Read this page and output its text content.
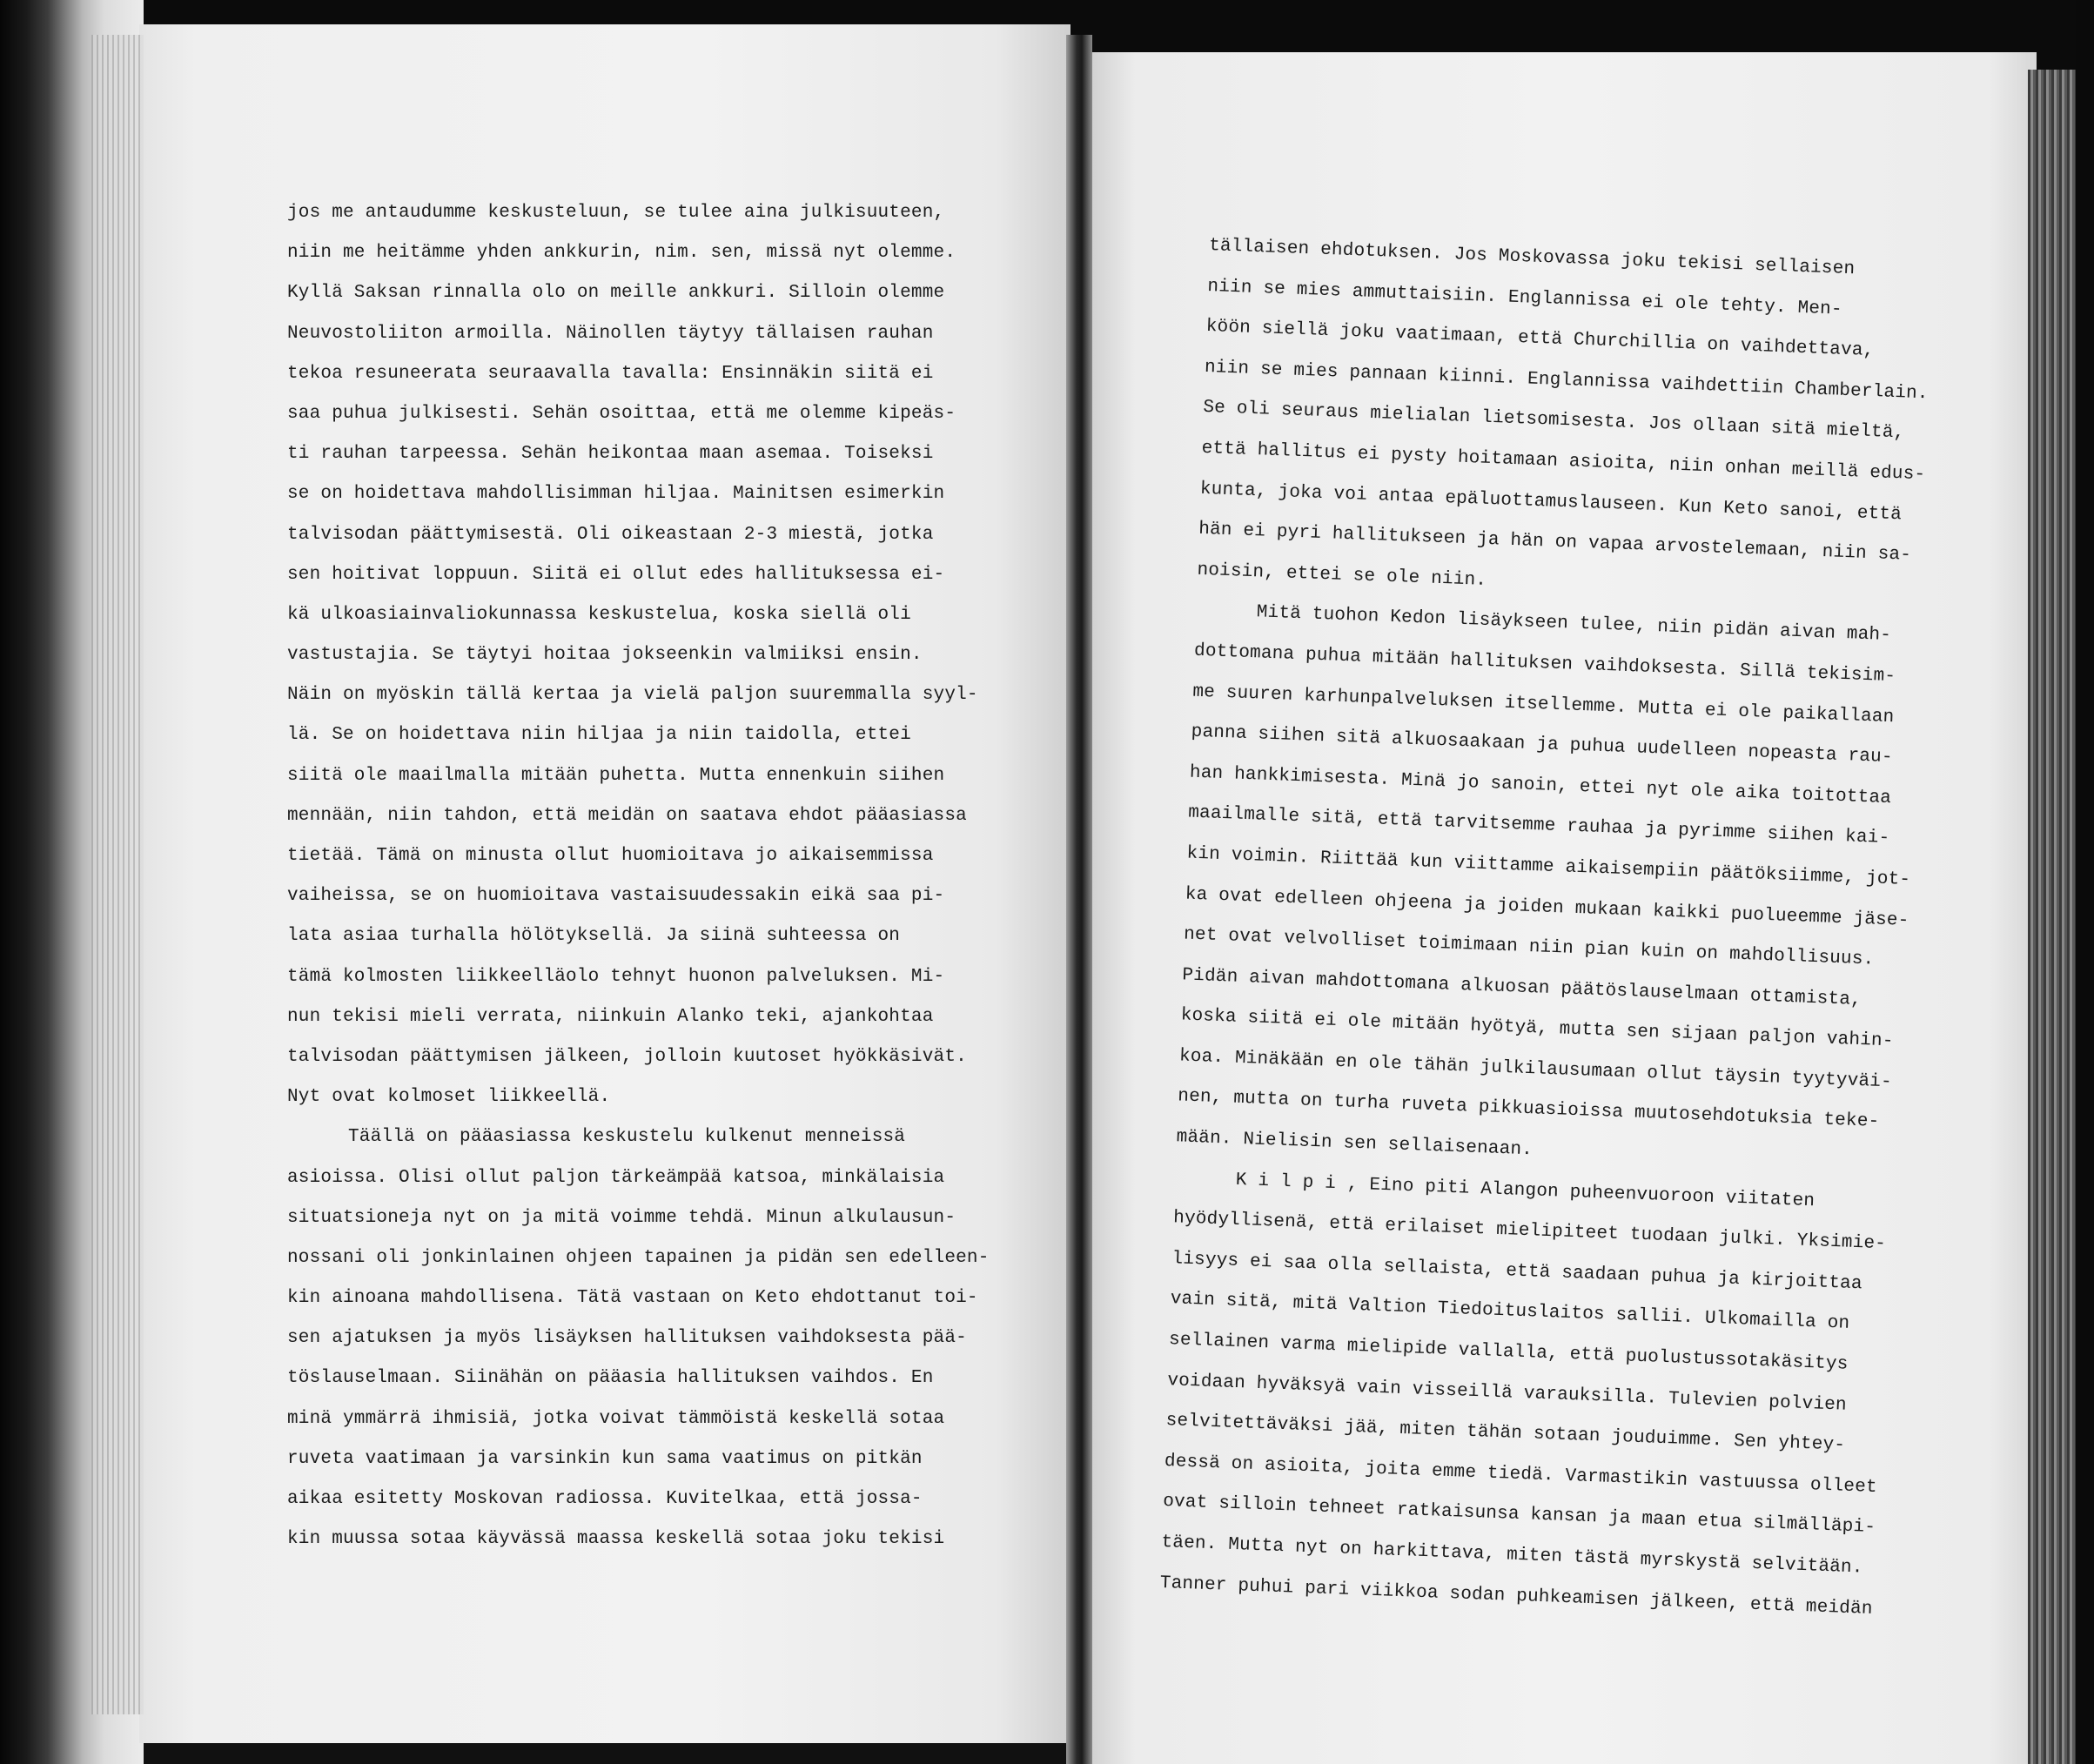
jos me antaudumme keskusteluun, se tulee aina julkisuuteen,
niin me heitämme yhden ankkurin, nim. sen, missä nyt olemme.
Kyllä Saksan rinnalla olo on meille ankkuri. Silloin olemme
Neuvostoliiton armoilla. Näinollen täytyy tällaisen rauhan
tekoa resuneerata seuraavalla tavalla: Ensinnäkin siitä ei
saa puhua julkisesti. Sehän osoittaa, että me olemme kipeäs-
ti rauhan tarpeessa. Sehän heikontaa maan asemaa. Toiseksi
se on hoidettava mahdollisimman hiljaa. Mainitsen esimerkin
talvisodan päättymisestä. Oli oikeastaan 2-3 miestä, jotka
sen hoitivat loppuun. Siitä ei ollut edes hallituksessa ei-
kä ulkoasiainvaliokunnassa keskustelua, koska siellä oli
vastustajia. Se täytyi hoitaa jokseenkin valmiiksi ensin.
Näin on myöskin tällä kertaa ja vielä paljon suuremmalla syyl-
lä. Se on hoidettava niin hiljaa ja niin taidolla, ettei
siitä ole maailmalla mitään puhetta. Mutta ennenkuin siihen
mennään, niin tahdon, että meidän on saatava ehdot pääasiassa
tietää. Tämä on minusta ollut huomioitava jo aikaisemmissa
vaiheissa, se on huomioitava vastaisuudessakin eikä saa pi-
lata asiaa turhalla hölötyksellä. Ja siinä suhteessa on
tämä kolmosten liikkeelläolo tehnyt huonon palveluksen. Mi-
nun tekisi mieli verrata, niinkuin Alanko teki, ajankohtaa
talvisodan päättymisen jälkeen, jolloin kuutoset hyökkäsivät.
Nyt ovat kolmoset liikkeellä.
Täällä on pääasiassa keskustelu kulkenut menneissä
asioissa. Olisi ollut paljon tärkeämpää katsoa, minkälaisia
situatsioneja nyt on ja mitä voimme tehdä. Minun alkulausun-
nossani oli jonkinlainen ohjeen tapainen ja pidän sen edelleen-
kin ainoana mahdollisena. Tätä vastaan on Keto ehdottanut toi-
sen ajatuksen ja myös lisäyksen hallituksen vaihdoksesta pää-
töslauselmaan. Siinähän on pääasia hallituksen vaihdos. En
minä ymmärrä ihmisiä, jotka voivat tämmöistä keskellä sotaa
ruveta vaatimaan ja varsinkin kun sama vaatimus on pitkän
aikaa esitetty Moskovan radiossa. Kuvitelkaa, että jossa-
kin muussa sotaa käyvässä maassa keskellä sotaa joku tekisi
tällaisen ehdotuksen. Jos Moskovassa joku tekisi sellaisen
niin se mies ammuttaisiin. Englannissa ei ole tehty. Men-
köön siellä joku vaatimaan, että Churchillia on vaihdettava,
niin se mies pannaan kiinni. Englannissa vaihdettiin Chamberlain.
Se oli seuraus mielialan lietsomisesta. Jos ollaan sitä mieltä,
että hallitus ei pysty hoitamaan asioita, niin onhan meillä edus-
kunta, joka voi antaa epäluottamuslauseen. Kun Keto sanoi, että
hän ei pyri hallitukseen ja hän on vapaa arvostelemaan, niin sa-
noisin, ettei se ole niin.
Mitä tuohon Kedon lisäykseen tulee, niin pidän aivan mah-
dottomana puhua mitään hallituksen vaihdoksesta. Sillä tekisim-
me suuren karhunpalveluksen itsellemme. Mutta ei ole paikallaan
panna siihen sitä alkuosaakaan ja puhua uudelleen nopeasta rau-
han hankkimisesta. Minä jo sanoin, ettei nyt ole aika toitottaa
maailmalle sitä, että tarvitsemme rauhaa ja pyrimme siihen kai-
kin voimin. Riittää kun viittamme aikaisempiin päätöksiimme, jot-
ka ovat edelleen ohjeena ja joiden mukaan kaikki puolueemme jäse-
net ovat velvolliset toimimaan niin pian kuin on mahdollisuus.
Pidän aivan mahdottomana alkuosan päätöslauselmaan ottamista,
koska siitä ei ole mitään hyötyä, mutta sen sijaan paljon vahin-
koa. Minäkään en ole tähän julkilausumaan ollut täysin tyytyväi-
nen, mutta on turha ruveta pikkuasioissa muutosehdotuksia teke-
mään. Nielisin sen sellaisenaan.
K i l p i , Eino piti Alangon puheenvuoroon viitaten
hyödyllisenä, että erilaiset mielipiteet tuodaan julki. Yksimie-
lisyys ei saa olla sellaista, että saadaan puhua ja kirjoittaa
vain sitä, mitä Valtion Tiedoituslaitos sallii. Ulkomailla on
sellainen varma mielipide vallalla, että puolustussotakäsitys
voidaan hyväksyä vain visseillä varauksilla. Tulevien polvien
selvitettäväksi jää, miten tähän sotaan jouduimme. Sen yhtey-
dessä on asioita, joita emme tiedä. Varmastikin vastuussa olleet
ovat silloin tehneet ratkaisunsa kansan ja maan etua silmälläpi-
täen. Mutta nyt on harkittava, miten tästä myrskystä selvitään.
Tanner puhui pari viikkoa sodan puhkeamisen jälkeen, että meidän
